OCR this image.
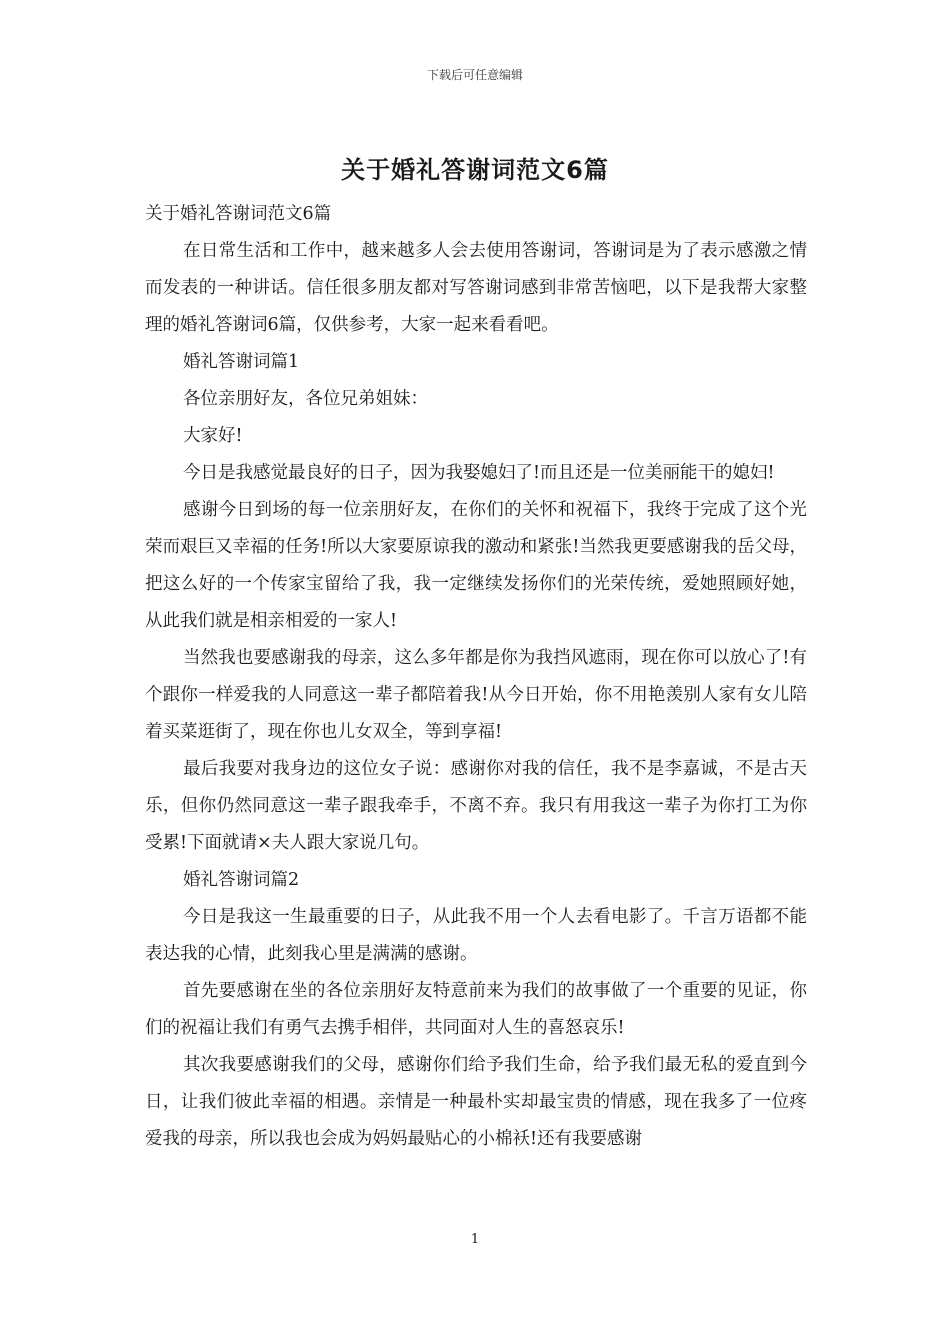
下载后可任意编辑
关于婚礼答谢词范文6篇

关于婚礼答谢词范文6篇

在日常生活和工作中，越来越多人会去使用答谢词，答谢词是为了表示感激之情而发表的一种讲话。信任很多朋友都对写答谢词感到非常苦恼吧，以下是我帮大家整理的婚礼答谢词6篇，仅供参考，大家一起来看看吧。

婚礼答谢词篇1

各位亲朋好友，各位兄弟姐妹：

大家好!

今日是我感觉最良好的日子，因为我娶媳妇了!而且还是一位美丽能干的媳妇!

感谢今日到场的每一位亲朋好友，在你们的关怀和祝福下，我终于完成了这个光荣而艰巨又幸福的任务!所以大家要原谅我的激动和紧张!当然我更要感谢我的岳父母，把这么好的一个传家宝留给了我，我一定继续发扬你们的光荣传统，爱她照顾好她，从此我们就是相亲相爱的一家人!

当然我也要感谢我的母亲，这么多年都是你为我挡风遮雨，现在你可以放心了!有个跟你一样爱我的人同意这一辈子都陪着我!从今日开始，你不用艳羡别人家有女儿陪着买菜逛街了，现在你也儿女双全，等到享福!

最后我要对我身边的这位女子说：感谢你对我的信任，我不是李嘉诚，不是古天乐，但你仍然同意这一辈子跟我牵手，不离不弃。我只有用我这一辈子为你打工为你受累!下面就请×夫人跟大家说几句。

婚礼答谢词篇2

今日是我这一生最重要的日子，从此我不用一个人去看电影了。千言万语都不能表达我的心情，此刻我心里是满满的感谢。

首先要感谢在坐的各位亲朋好友特意前来为我们的故事做了一个重要的见证，你们的祝福让我们有勇气去携手相伴，共同面对人生的喜怒哀乐!

其次我要感谢我们的父母，感谢你们给予我们生命，给予我们最无私的爱直到今日，让我们彼此幸福的相遇。亲情是一种最朴实却最宝贵的情感，现在我多了一位疼爱我的母亲，所以我也会成为妈妈最贴心的小棉袄!还有我要感谢

1
